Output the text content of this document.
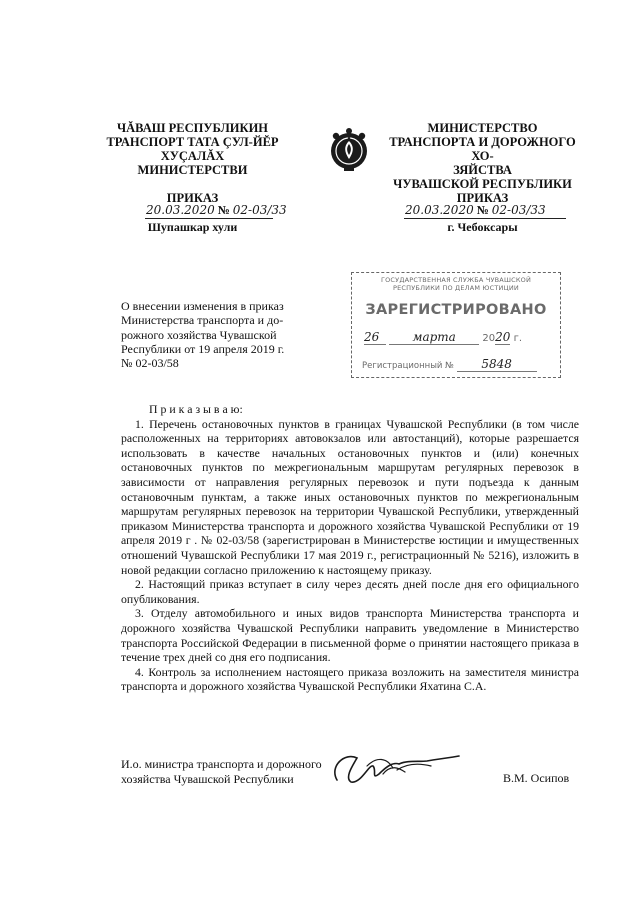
ЧĂВАШ РЕСПУБЛИКИН
ТРАНСПОРТ ТАТА ÇУЛ-ЙĔР
ХУÇАЛĂХ
МИНИСТЕРСТВИ
ПРИКАЗ
20.03.2020 № 02-03/33
Шупашкар хули
МИНИСТЕРСТВО
ТРАНСПОРТА И ДОРОЖНОГО ХО-
ЗЯЙСТВА
ЧУВАШСКОЙ РЕСПУБЛИКИ
ПРИКАЗ
20.03.2020 № 02-03/33
г. Чебоксары
ГОСУДАРСТВЕННАЯ СЛУЖБА ЧУВАШСКОЙ
РЕСПУБЛИКИ ПО ДЕЛАМ ЮСТИЦИИ
ЗАРЕГИСТРИРОВАНО
26	марта	2020 г.
Регистрационный № 5848
О внесении изменения в приказ
Министерства транспорта и до-
рожного хозяйства Чувашской
Республики от 19 апреля 2019 г.
№ 02-03/58
П р и к а з ы в а ю:

1. Перечень остановочных пунктов в границах Чувашской Республики (в том числе расположенных на территориях автовокзалов или автостанций), которые разрешается использовать в качестве начальных остановочных пунктов и (или) конечных остановочных пунктов по межрегиональным маршрутам регулярных перевозок в зависимости от направления регулярных перевозок и пути подъезда к данным остановочным пунктам, а также иных остановочных пунктов по межрегиональным маршрутам регулярных перевозок на территории Чувашской Республики, утвержденный приказом Министерства транспорта и дорожного хозяйства Чувашской Республики от 19 апреля 2019 г . № 02-03/58 (зарегистрирован в Министерстве юстиции и имущественных отношений Чувашской Республики 17 мая 2019 г., регистрационный № 5216), изложить в новой редакции согласно приложению к настоящему приказу.

2. Настоящий приказ вступает в силу через десять дней после дня его официального опубликования.

3. Отделу автомобильного и иных видов транспорта Министерства транспорта и дорожного хозяйства Чувашской Республики направить уведомление в Министерство транспорта Российской Федерации в письменной форме о принятии настоящего приказа в течение трех дней со дня его подписания.

4. Контроль за исполнением настоящего приказа возложить на заместителя министра транспорта и дорожного хозяйства Чувашской Республики Яхатина С.А.

И.о. министра транспорта и дорожного
хозяйства Чувашской Республики	В.М. Осипов
